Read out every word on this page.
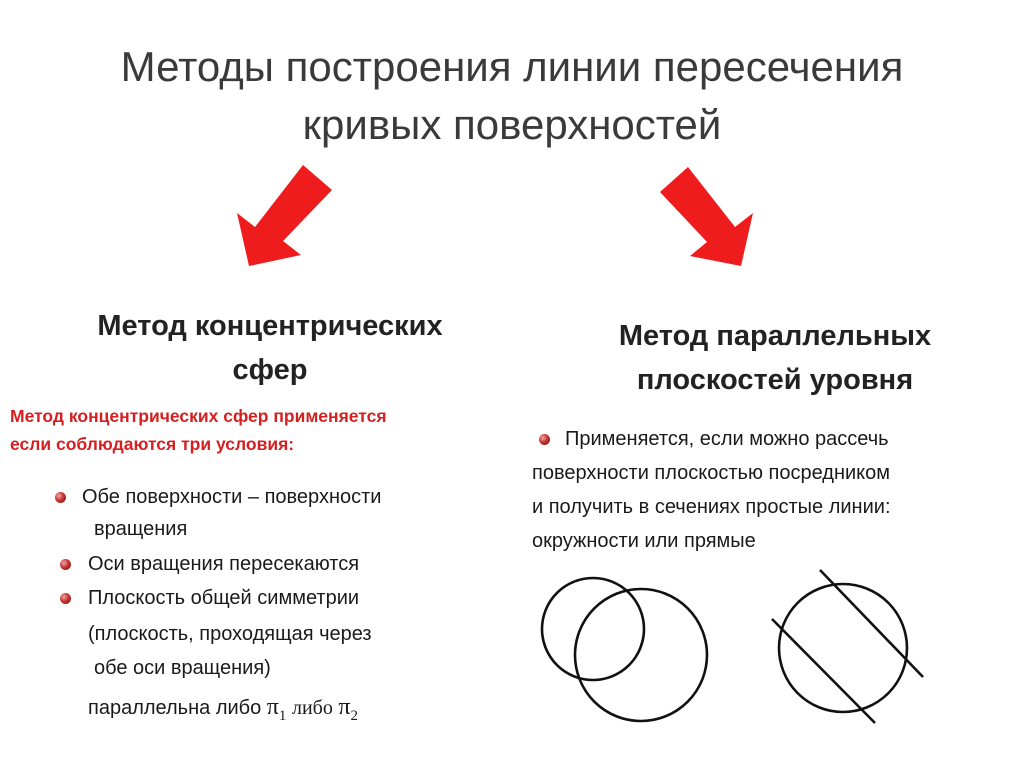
Методы построения линии пересечения
кривых поверхностей
Метод концентрических
сфер
Метод параллельных
плоскостей уровня
Метод концентрических сфер применяется
если соблюдаются три условия:
Обе поверхности – поверхности
вращения
Оси вращения пересекаются
Плоскость общей симметрии
(плоскость, проходящая через
обе оси вращения)
параллельна либо $\pi_1$ либо $\pi_2$
Применяется, если можно рассечь
поверхности плоскостью посредником
и получить в сечениях простые линии:
окружности или прямые
